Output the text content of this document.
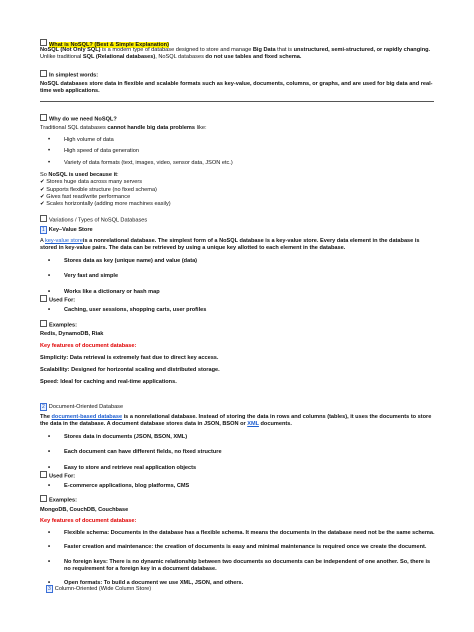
What is NoSQL? (Best & Simple Explanation)
NoSQL (Not Only SQL) is a modern type of database designed to store and manage Big Data that is unstructured, semi-structured, or rapidly changing.
Unlike traditional SQL (Relational databases), NoSQL databases do not use tables and fixed schema.
In simplest words:
NoSQL databases store data in flexible and scalable formats such as key-value, documents, columns, or graphs, and are used for big data and real-time web applications.
Why do we need NoSQL?
Traditional SQL databases cannot handle big data problems like:
• High volume of data
• High speed of data generation
• Variety of data formats (text, images, video, sensor data, JSON etc.)
So NoSQL is used because it:
✔ Stores huge data across many servers
✔ Supports flexible structure (no fixed schema)
✔ Gives fast read/write performance
✔ Scales horizontally (adding more machines easily)
Variations / Types of NoSQL Databases
1 Key–Value Store
A key-value storeis a nonrelational database. The simplest form of a NoSQL database is a key-value store. Every data element in the database is stored in key-value pairs. The data can be retrieved by using a unique key allotted to each element in the database.
• Stores data as key (unique name) and value (data)
• Very fast and simple
• Works like a dictionary or hash map
Used For:
• Caching, user sessions, shopping carts, user profiles
Examples:
Redis, DynamoDB, Riak
Key features of document database:
Simplicity: Data retrieval is extremely fast due to direct key access.
Scalability: Designed for horizontal scaling and distributed storage.
Speed: Ideal for caching and real-time applications.
2 Document-Oriented Database
The document-based database is a nonrelational database. Instead of storing the data in rows and columns (tables), it uses the documents to store the data in the database. A document database stores data in JSON, BSON or XML documents.
• Stores data in documents (JSON, BSON, XML)
• Each document can have different fields, no fixed structure
• Easy to store and retrieve real application objects
Used For:
• E-commerce applications, blog platforms, CMS
Examples:
MongoDB, CouchDB, Couchbase
Key features of document database:
• Flexible schema: Documents in the database has a flexible schema. It means the documents in the database need not be the same schema.
• Faster creation and maintenance: the creation of documents is easy and minimal maintenance is required once we create the document.
• No foreign keys: There is no dynamic relationship between two documents so documents can be independent of one another. So, there is no requirement for a foreign key in a document database.
• Open formats: To build a document we use XML, JSON, and others.
3 Column-Oriented (Wide Column Store)
